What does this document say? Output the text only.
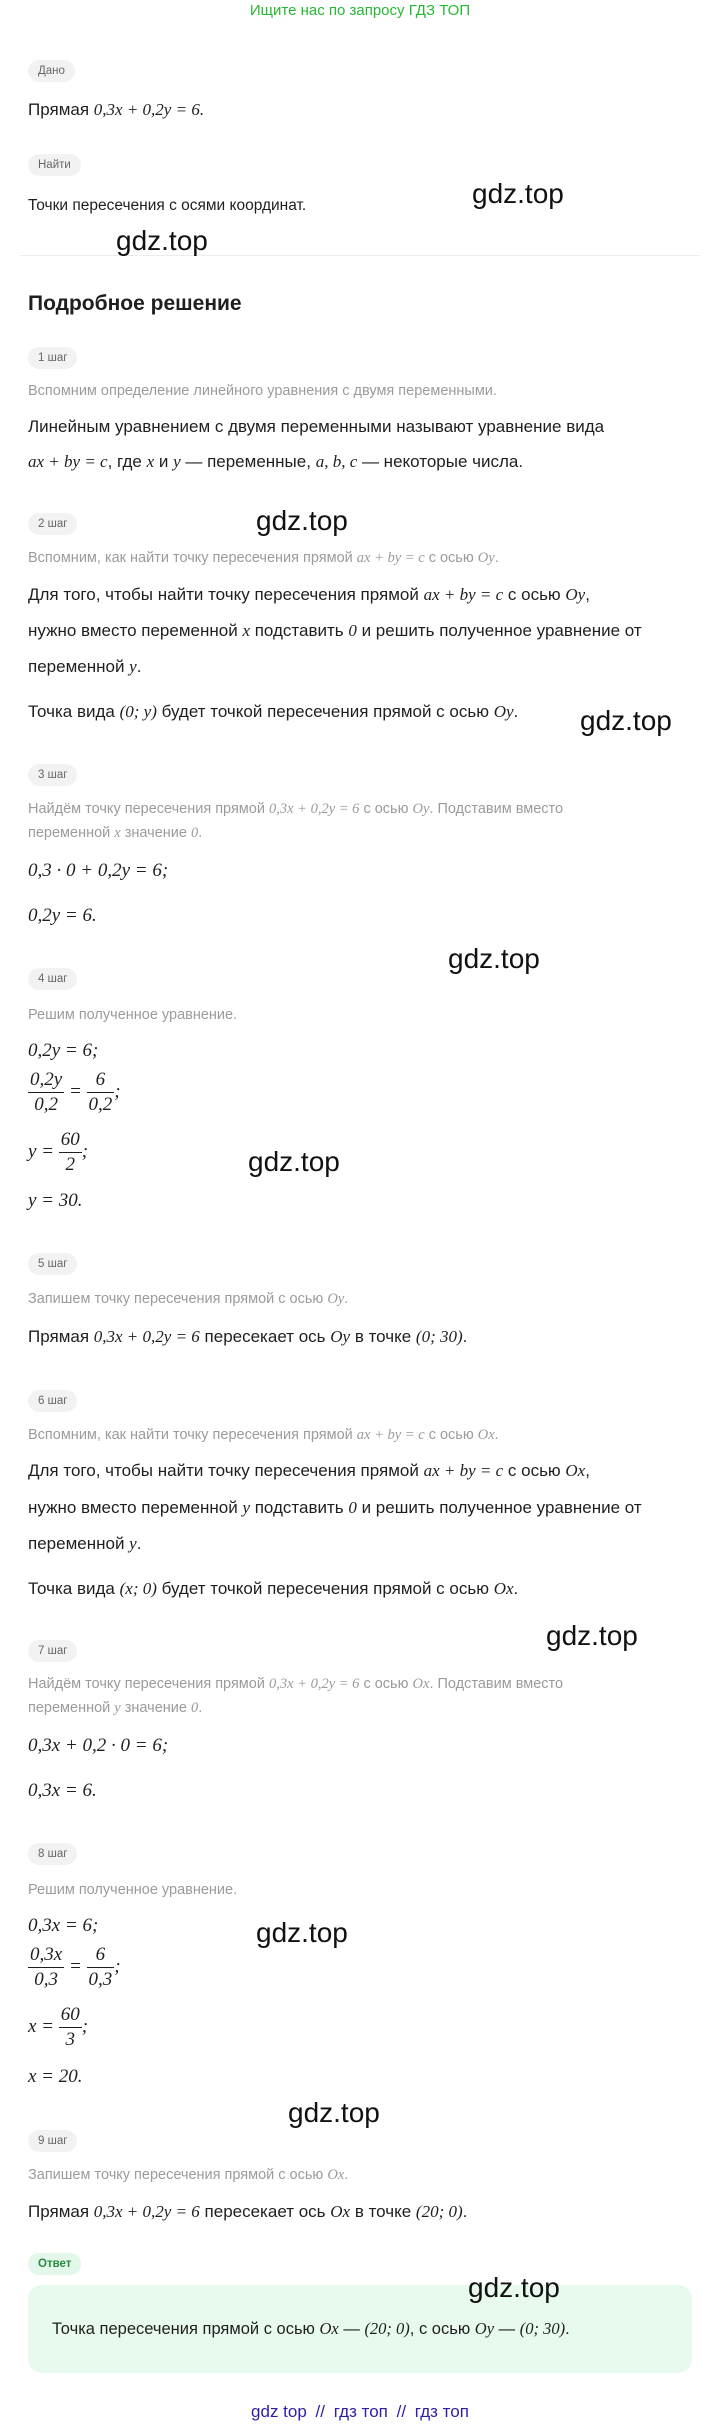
Ищите нас по запросу ГДЗ ТОП
Дано
Прямая 0,3x + 0,2y = 6.
Найти
Точки пересечения с осями координат.
Подробное решение
1 шаг
Вспомним определение линейного уравнения с двумя переменными.
Линейным уравнением с двумя переменными называют уравнение вида
ax + by = c, где x и y — переменные, a, b, c — некоторые числа.
2 шаг
Вспомним, как найти точку пересечения прямой ax + by = c с осью Oy.
Для того, чтобы найти точку пересечения прямой ax + by = c с осью Oy,
нужно вместо переменной x подставить 0 и решить полученное уравнение от
переменной y.
Точка вида (0; y) будет точкой пересечения прямой с осью Oy.
3 шаг
Найдём точку пересечения прямой 0,3x + 0,2y = 6 с осью Oy. Подставим вместо
переменной x значение 0.
0,3 · 0 + 0,2y = 6;
0,2y = 6.
4 шаг
Решим полученное уравнение.
0,2y = 6;
$\frac{0,2y}{0,2} = \frac{6}{0,2}$ ;
$y = \frac{60}{2}$ ;
y = 30.
5 шаг
Запишем точку пересечения прямой с осью Oy.
Прямая 0,3x + 0,2y = 6 пересекает ось Oy в точке (0; 30).
6 шаг
Вспомним, как найти точку пересечения прямой ax + by = c с осью Ox.
Для того, чтобы найти точку пересечения прямой ax + by = c с осью Ox,
нужно вместо переменной y подставить 0 и решить полученное уравнение от
переменной y.
Точка вида (x; 0) будет точкой пересечения прямой с осью Ox.
7 шаг
Найдём точку пересечения прямой 0,3x + 0,2y = 6 с осью Ox. Подставим вместо
переменной y значение 0.
0,3x + 0,2 · 0 = 6;
0,3x = 6.
8 шаг
Решим полученное уравнение.
0,3x = 6;
$\frac{0,3x}{0,3} = \frac{6}{0,3}$ ;
$x = \frac{60}{3}$ ;
x = 20.
9 шаг
Запишем точку пересечения прямой с осью Ox.
Прямая 0,3x + 0,2y = 6 пересекает ось Ox в точке (20; 0).
Ответ
Точка пересечения прямой с осью Ox — (20; 0), с осью Oy — (0; 30).
gdz.top
gdz.top
gdz.top
gdz.top
gdz.top
gdz.top
gdz.top
gdz.top
gdz.top
gdz.top
gdz top // гдз топ // гдз топ
